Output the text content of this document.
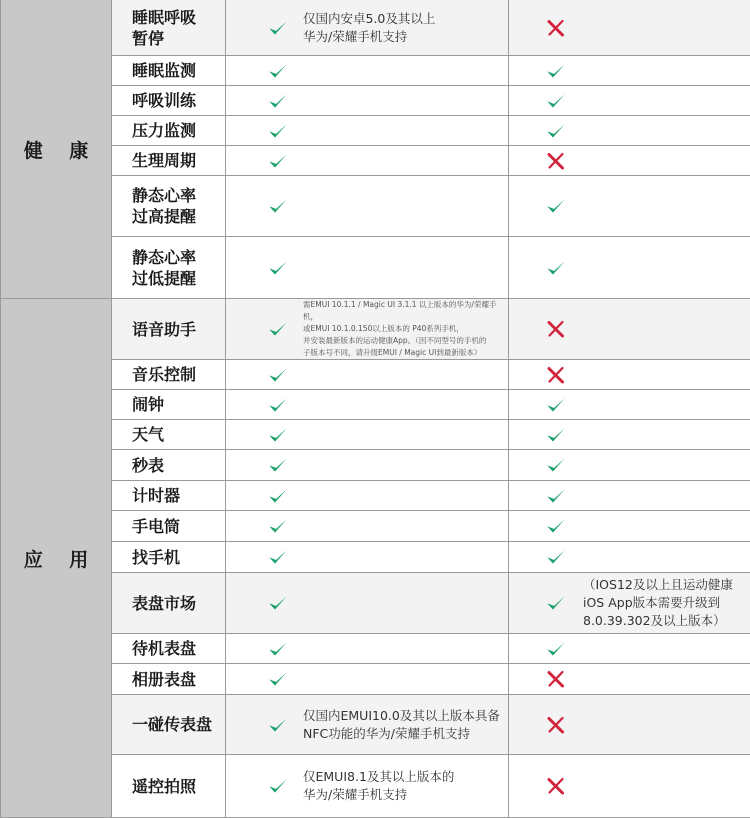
健 康
应 用
睡眠呼吸
暂停
仅国内安卓5.0及其以上
华为/荣耀手机支持
睡眠监测
呼吸训练
压力监测
生理周期
静态心率
过高提醒
静态心率
过低提醒
语音助手
需EMUI 10.1.1 / Magic UI 3.1.1 以上版本的华为/荣耀手机，
或EMUI 10.1.0.150以上版本的 P40系列手机，
并安装最新版本的运动健康App。（因不同型号的手机的
子版本号不同，请升级EMUI / Magic UI到最新版本）
音乐控制
闹钟
天气
秒表
计时器
手电筒
找手机
表盘市场
（IOS12及以上且运动健康
iOS App版本需要升级到
8.0.39.302及以上版本）
待机表盘
相册表盘
一碰传表盘	仅国内EMUI10.0及其以上版本具备
NFC功能的华为/荣耀手机支持
遥控拍照	仅EMUI8.1及其以上版本的
华为/荣耀手机支持
